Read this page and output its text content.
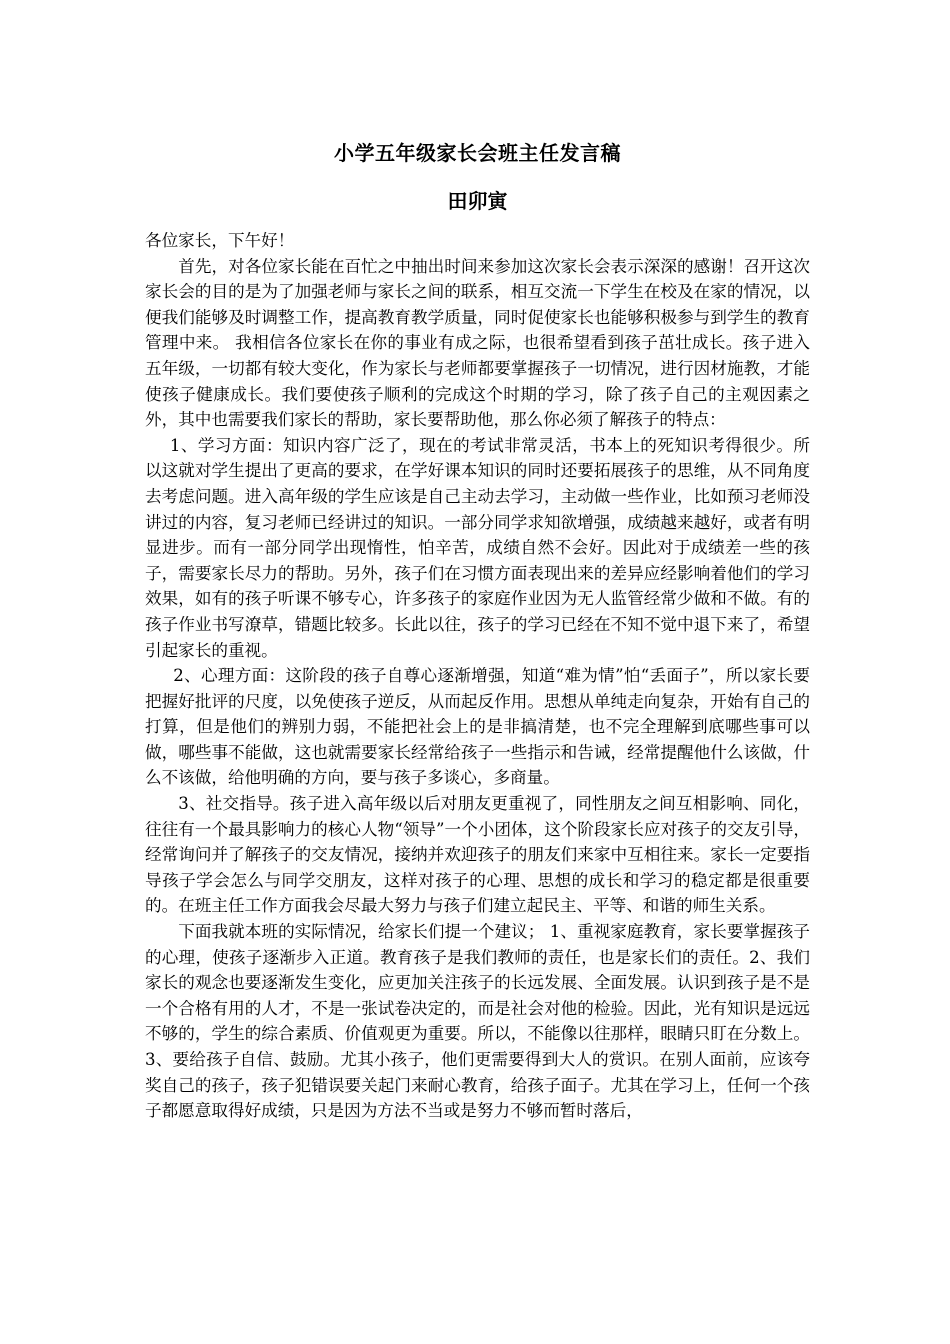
小学五年级家长会班主任发言稿
田卯寅

各位家长，下午好！

首先，对各位家长能在百忙之中抽出时间来参加这次家长会表示深深的感谢！召开这次家长会的目的是为了加强老师与家长之间的联系，相互交流一下学生在校及在家的情况，以便我们能够及时调整工作，提高教育教学质量，同时促使家长也能够积极参与到学生的教育管理中来。 我相信各位家长在你的事业有成之际，也很希望看到孩子茁壮成长。孩子进入五年级，一切都有较大变化，作为家长与老师都要掌握孩子一切情况，进行因材施教，才能使孩子健康成长。我们要使孩子顺利的完成这个时期的学习，除了孩子自己的主观因素之外，其中也需要我们家长的帮助，家长要帮助他，那么你必须了解孩子的特点：

1、学习方面：知识内容广泛了，现在的考试非常灵活，书本上的死知识考得很少。所以这就对学生提出了更高的要求，在学好课本知识的同时还要拓展孩子的思维，从不同角度去考虑问题。进入高年级的学生应该是自己主动去学习，主动做一些作业，比如预习老师没讲过的内容，复习老师已经讲过的知识。一部分同学求知欲增强，成绩越来越好，或者有明显进步。而有一部分同学出现惰性，怕辛苦，成绩自然不会好。因此对于成绩差一些的孩子，需要家长尽力的帮助。另外，孩子们在习惯方面表现出来的差异应经影响着他们的学习效果，如有的孩子听课不够专心，许多孩子的家庭作业因为无人监管经常少做和不做。有的孩子作业书写潦草，错题比较多。长此以往，孩子的学习已经在不知不觉中退下来了，希望引起家长的重视。

2、心理方面：这阶段的孩子自尊心逐渐增强，知道“难为情”怕“丢面子”，所以家长要把握好批评的尺度，以免使孩子逆反，从而起反作用。思想从单纯走向复杂，开始有自己的打算，但是他们的辨别力弱，不能把社会上的是非搞清楚，也不完全理解到底哪些事可以做，哪些事不能做，这也就需要家长经常给孩子一些指示和告诫，经常提醒他什么该做，什么不该做，给他明确的方向，要与孩子多谈心，多商量。

3、社交指导。孩子进入高年级以后对朋友更重视了，同性朋友之间互相影响、同化，往往有一个最具影响力的核心人物“领导”一个小团体，这个阶段家长应对孩子的交友引导，经常询问并了解孩子的交友情况，接纳并欢迎孩子的朋友们来家中互相往来。家长一定要指导孩子学会怎么与同学交朋友，这样对孩子的心理、思想的成长和学习的稳定都是很重要的。在班主任工作方面我会尽最大努力与孩子们建立起民主、平等、和谐的师生关系。

下面我就本班的实际情况，给家长们提一个建议； 1、重视家庭教育，家长要掌握孩子的心理，使孩子逐渐步入正道。教育孩子是我们教师的责任，也是家长们的责任。2、我们家长的观念也要逐渐发生变化，应更加关注孩子的长远发展、全面发展。认识到孩子是不是一个合格有用的人才，不是一张试卷决定的，而是社会对他的检验。因此，光有知识是远远不够的，学生的综合素质、价值观更为重要。所以，不能像以往那样，眼睛只盯在分数上。 3、要给孩子自信、鼓励。尤其小孩子，他们更需要得到大人的赏识。在别人面前，应该夸奖自己的孩子，孩子犯错误要关起门来耐心教育，给孩子面子。尤其在学习上，任何一个孩子都愿意取得好成绩，只是因为方法不当或是努力不够而暂时落后，
